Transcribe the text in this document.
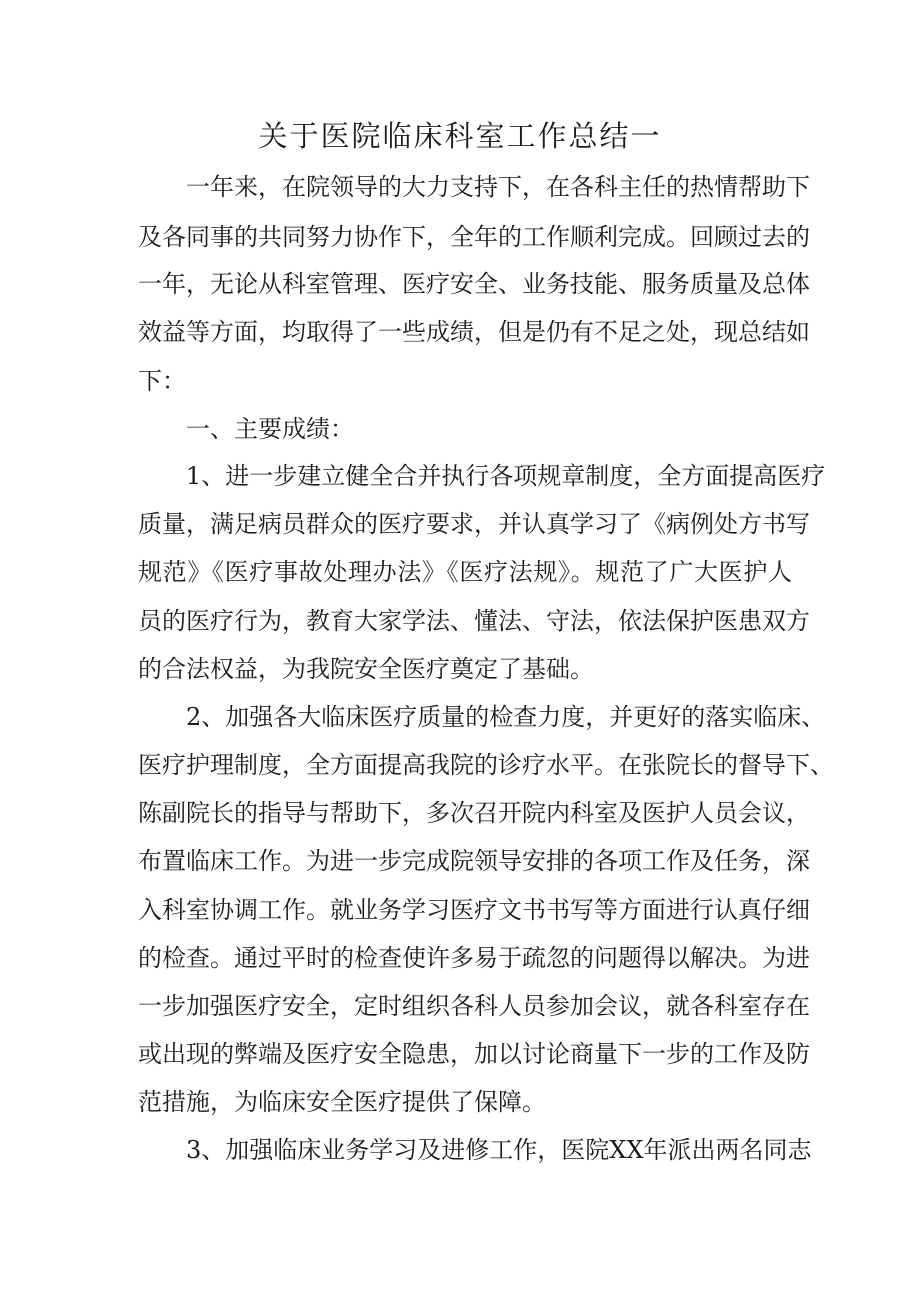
关于医院临床科室工作总结一

一年来，在院领导的大力支持下，在各科主任的热情帮助下

及各同事的共同努力协作下，全年的工作顺利完成。回顾过去的

一年，无论从科室管理、医疗安全、业务技能、服务质量及总体

效益等方面，均取得了一些成绩，但是仍有不足之处，现总结如

下：

一、主要成绩：

1、进一步建立健全合并执行各项规章制度，全方面提高医疗

质量，满足病员群众的医疗要求，并认真学习了《病例处方书写

规范》《医疗事故处理办法》《医疗法规》。规范了广大医护人

员的医疗行为，教育大家学法、懂法、守法，依法保护医患双方

的合法权益，为我院安全医疗奠定了基础。

2、加强各大临床医疗质量的检查力度，并更好的落实临床、

医疗护理制度，全方面提高我院的诊疗水平。在张院长的督导下、

陈副院长的指导与帮助下，多次召开院内科室及医护人员会议，

布置临床工作。为进一步完成院领导安排的各项工作及任务，深

入科室协调工作。就业务学习医疗文书书写等方面进行认真仔细

的检查。通过平时的检查使许多易于疏忽的问题得以解决。为进

一步加强医疗安全，定时组织各科人员参加会议，就各科室存在

或出现的弊端及医疗安全隐患，加以讨论商量下一步的工作及防

范措施，为临床安全医疗提供了保障。

3、加强临床业务学习及进修工作，医院XX年派出两名同志
